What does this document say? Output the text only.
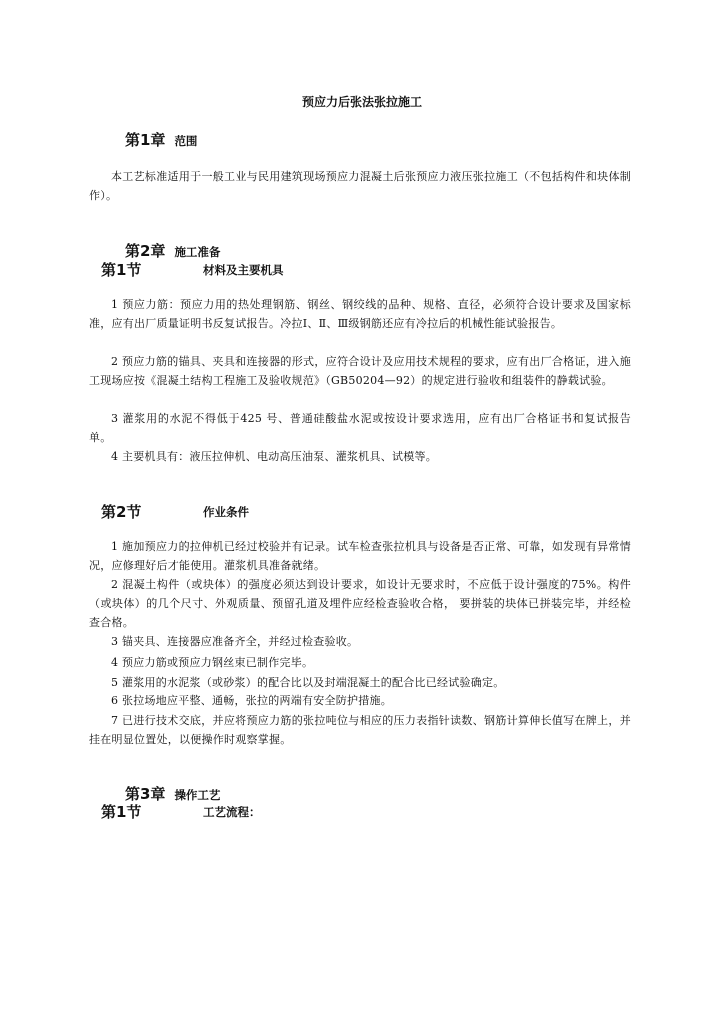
预应力后张法张拉施工
第1章 范围
本工艺标准适用于一般工业与民用建筑现场预应力混凝土后张预应力液压张拉施工（不包括构件和块体制作）。
第2章 施工准备
第1节	材料及主要机具
1 预应力筋：预应力用的热处理钢筋、钢丝、钢绞线的品种、规格、直径，必须符合设计要求及国家标准，应有出厂质量证明书反复试报告。冷拉Ⅰ、Ⅱ、Ⅲ级钢筋还应有冷拉后的机械性能试验报告。
2 预应力筋的锚具、夹具和连接器的形式，应符合设计及应用技术规程的要求，应有出厂合格证，进入施工现场应按《混凝土结构工程施工及验收规范》（GB50204—92）的规定进行验收和组装件的静载试验。
3 灌浆用的水泥不得低于425 号、普通硅酸盐水泥或按设计要求选用，应有出厂合格证书和复试报告单。
4 主要机具有：液压拉伸机、电动高压油泵、灌浆机具、试模等。
第2节	作业条件
1 施加预应力的拉伸机已经过校验并有记录。试车检查张拉机具与设备是否正常、可靠，如发现有异常情况，应修理好后才能使用。灌浆机具准备就绪。
2 混凝土构件（或块体）的强度必须达到设计要求，如设计无要求时，不应低于设计强度的75%。构件（或块体）的几个尺寸、外观质量、预留孔道及埋件应经检查验收合格， 要拼装的块体已拼装完毕，并经检查合格。
3 锚夹具、连接器应准备齐全，并经过检查验收。
4 预应力筋或预应力钢丝束已制作完毕。
5 灌浆用的水泥浆（或砂浆）的配合比以及封端混凝土的配合比已经试验确定。
6 张拉场地应平整、通畅，张拉的两端有安全防护措施。
7 已进行技术交底，并应将预应力筋的张拉吨位与相应的压力表指针读数、钢筋计算伸长值写在牌上，并挂在明显位置处，以便操作时观察掌握。
第3章 操作工艺
第1节	工艺流程：
